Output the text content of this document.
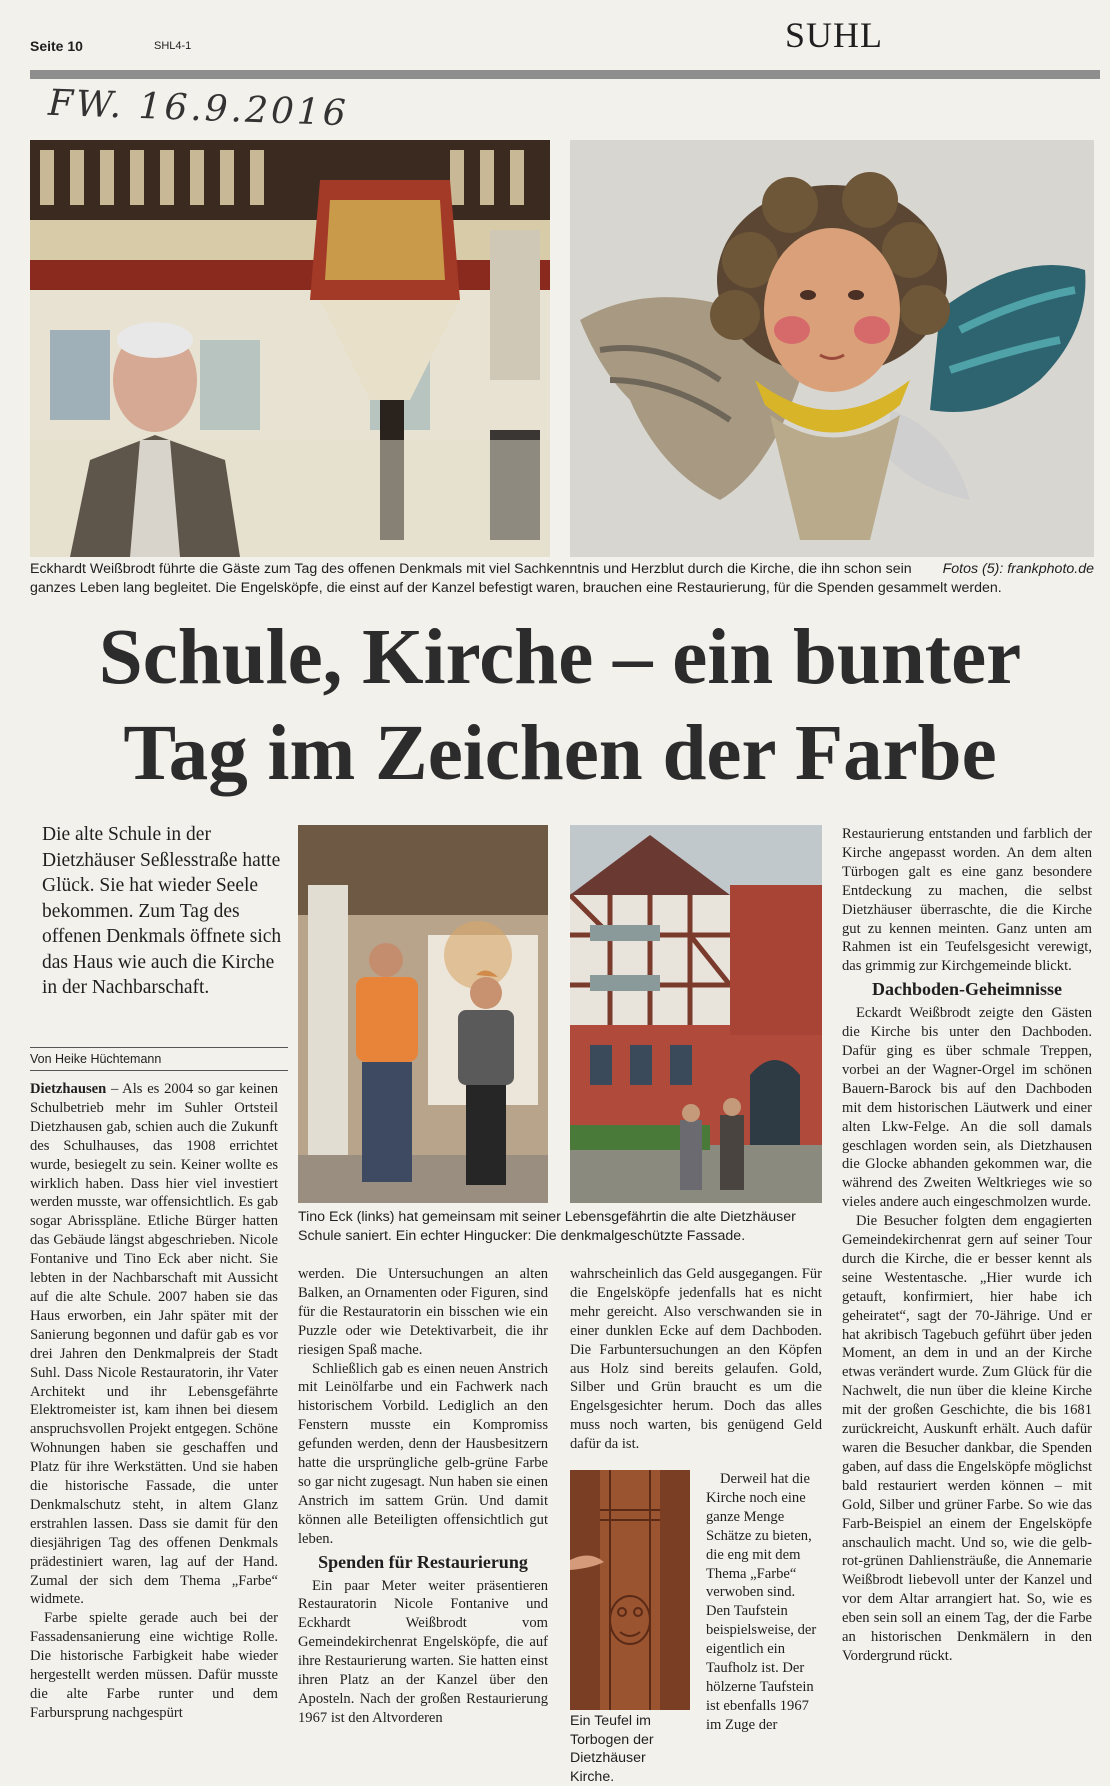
Seite 10	SHL4-1	SUHL
FW. 16.9.2016
Fotos (5): frankphoto.de
Eckhardt Weißbrodt führte die Gäste zum Tag des offenen Denkmals mit viel Sachkenntnis und Herzblut durch die Kirche, die ihn schon sein ganzes Leben lang begleitet. Die Engelsköpfe, die einst auf der Kanzel befestigt waren, brauchen eine Restaurierung, für die Spenden gesammelt werden.
Schule, Kirche – ein bunter
Tag im Zeichen der Farbe
Die alte Schule in der Dietzhäuser Seßlesstraße hatte Glück. Sie hat wieder Seele bekommen. Zum Tag des offenen Denkmals öffnete sich das Haus wie auch die Kirche in der Nachbarschaft.
Von Heike Hüchtemann
Tino Eck (links) hat gemeinsam mit seiner Lebensgefährtin die alte Dietzhäuser Schule saniert. Ein echter Hingucker: Die denkmalgeschützte Fassade.

Dietzhausen – Als es 2004 so gar keinen Schulbetrieb mehr im Suhler Ortsteil Dietzhausen gab, schien auch die Zukunft des Schulhauses, das 1908 errichtet wurde, besiegelt zu sein. Keiner wollte es wirklich haben. Dass hier viel investiert werden musste, war offensichtlich. Es gab sogar Abrisspläne. Etliche Bürger hatten das Gebäude längst abgeschrieben. Nicole Fontanive und Tino Eck aber nicht. Sie lebten in der Nachbarschaft mit Aussicht auf die alte Schule. 2007 haben sie das Haus erworben, ein Jahr später mit der Sanierung begonnen und dafür gab es vor drei Jahren den Denkmalpreis der Stadt Suhl. Dass Nicole Restauratorin, ihr Vater Architekt und ihr Lebensgefährte Elektromeister ist, kam ihnen bei diesem anspruchsvollen Projekt entgegen. Schöne Wohnungen haben sie geschaffen und Platz für ihre Werkstätten. Und sie haben die historische Fassade, die unter Denkmalschutz steht, in altem Glanz erstrahlen lassen. Dass sie damit für den diesjährigen Tag des offenen Denkmals prädestiniert waren, lag auf der Hand. Zumal der sich dem Thema „Farbe“ widmete.

Farbe spielte gerade auch bei der Fassadensanierung eine wichtige Rolle. Die historische Farbigkeit habe wieder hergestellt werden müssen. Dafür musste die alte Farbe runter und dem Farbursprung nachgespürt

werden. Die Untersuchungen an alten Balken, an Ornamenten oder Figuren, sind für die Restauratorin ein bisschen wie ein Puzzle oder wie Detektivarbeit, die ihr riesigen Spaß mache.

Schließlich gab es einen neuen Anstrich mit Leinölfarbe und ein Fachwerk nach historischem Vorbild. Lediglich an den Fenstern musste ein Kompromiss gefunden werden, denn der Hausbesitzern hatte die ursprüngliche gelb-grüne Farbe so gar nicht zugesagt. Nun haben sie einen Anstrich im sattem Grün. Und damit können alle Beteiligten offensichtlich gut leben.

Spenden für Restaurierung

Ein paar Meter weiter präsentieren Restauratorin Nicole Fontanive und Eckhardt Weißbrodt vom Gemeindekirchenrat Engelsköpfe, die auf ihre Restaurierung warten. Sie hatten einst ihren Platz an der Kanzel über den Aposteln. Nach der großen Restaurierung 1967 ist den Altvorderen

wahrscheinlich das Geld ausgegangen. Für die Engelsköpfe jedenfalls hat es nicht mehr gereicht. Also verschwanden sie in einer dunklen Ecke auf dem Dachboden. Die Farbuntersuchungen an den Köpfen aus Holz sind bereits gelaufen. Gold, Silber und Grün braucht es um die Engelsgesichter herum. Doch das alles muss noch warten, bis genügend Geld dafür da ist.

Ein Teufel im Torbogen der Dietzhäuser Kirche.

Derweil hat die Kirche noch eine ganze Menge Schätze zu bieten, die eng mit dem Thema „Farbe“ verwoben sind. Den Taufstein beispielsweise, der eigentlich ein Taufholz ist. Der hölzerne Taufstein ist ebenfalls 1967 im Zuge der

Restaurierung entstanden und farblich der Kirche angepasst worden. An dem alten Türbogen galt es eine ganz besondere Entdeckung zu machen, die selbst Dietzhäuser überraschte, die die Kirche gut zu kennen meinten. Ganz unten am Rahmen ist ein Teufelsgesicht verewigt, das grimmig zur Kirchgemeinde blickt.

Dachboden-Geheimnisse

Eckardt Weißbrodt zeigte den Gästen die Kirche bis unter den Dachboden. Dafür ging es über schmale Treppen, vorbei an der Wagner-Orgel im schönen Bauern-Barock bis auf den Dachboden mit dem historischen Läutwerk und einer alten Lkw-Felge. An die soll damals geschlagen worden sein, als Dietzhausen die Glocke abhanden gekommen war, die während des Zweiten Weltkrieges wie so vieles andere auch eingeschmolzen wurde.

Die Besucher folgten dem engagierten Gemeindekirchenrat gern auf seiner Tour durch die Kirche, die er besser kennt als seine Westentasche. „Hier wurde ich getauft, konfirmiert, hier habe ich geheiratet“, sagt der 70-Jährige. Und er hat akribisch Tagebuch geführt über jeden Moment, an dem in und an der Kirche etwas verändert wurde. Zum Glück für die Nachwelt, die nun über die kleine Kirche mit der großen Geschichte, die bis 1681 zurückreicht, Auskunft erhält. Auch dafür waren die Besucher dankbar, die Spenden gaben, auf dass die Engelsköpfe möglichst bald restauriert werden können – mit Gold, Silber und grüner Farbe. So wie das Farb-Beispiel an einem der Engelsköpfe anschaulich macht. Und so, wie die gelb-rot-grünen Dahliensträuße, die Annemarie Weißbrodt liebevoll unter der Kanzel und vor dem Altar arrangiert hat. So, wie es eben sein soll an einem Tag, der die Farbe an historischen Denkmälern in den Vordergrund rückt.
